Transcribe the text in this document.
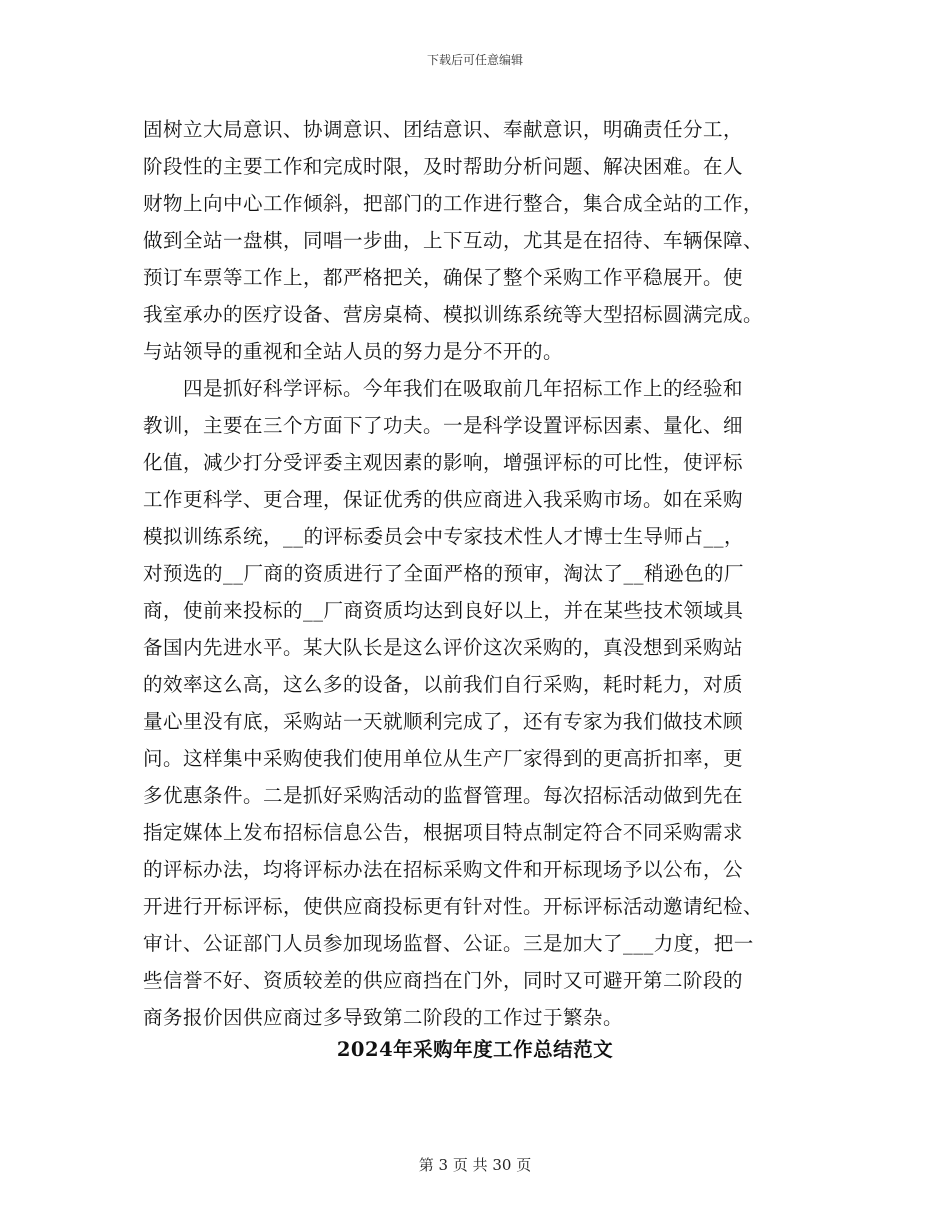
下载后可任意编辑
固树立大局意识、协调意识、团结意识、奉献意识，明确责任分工，
阶段性的主要工作和完成时限，及时帮助分析问题、解决困难。在人
财物上向中心工作倾斜，把部门的工作进行整合，集合成全站的工作，
做到全站一盘棋，同唱一步曲，上下互动，尤其是在招待、车辆保障、
预订车票等工作上，都严格把关，确保了整个采购工作平稳展开。使
我室承办的医疗设备、营房桌椅、模拟训练系统等大型招标圆满完成。
与站领导的重视和全站人员的努力是分不开的。
　　四是抓好科学评标。今年我们在吸取前几年招标工作上的经验和
教训，主要在三个方面下了功夫。一是科学设置评标因素、量化、细
化值，减少打分受评委主观因素的影响，增强评标的可比性，使评标
工作更科学、更合理，保证优秀的供应商进入我采购市场。如在采购
模拟训练系统，__的评标委员会中专家技术性人才博士生导师占__，
对预选的__厂商的资质进行了全面严格的预审，淘汰了__稍逊色的厂
商，使前来投标的__厂商资质均达到良好以上，并在某些技术领域具
备国内先进水平。某大队长是这么评价这次采购的，真没想到采购站
的效率这么高，这么多的设备，以前我们自行采购，耗时耗力，对质
量心里没有底，采购站一天就顺利完成了，还有专家为我们做技术顾
问。这样集中采购使我们使用单位从生产厂家得到的更高折扣率，更
多优惠条件。二是抓好采购活动的监督管理。每次招标活动做到先在
指定媒体上发布招标信息公告，根据项目特点制定符合不同采购需求
的评标办法，均将评标办法在招标采购文件和开标现场予以公布，公
开进行开标评标，使供应商投标更有针对性。开标评标活动邀请纪检、
审计、公证部门人员参加现场监督、公证。三是加大了___力度，把一
些信誉不好、资质较差的供应商挡在门外，同时又可避开第二阶段的
商务报价因供应商过多导致第二阶段的工作过于繁杂。
2024年采购年度工作总结范文
第 3 页 共 30 页
